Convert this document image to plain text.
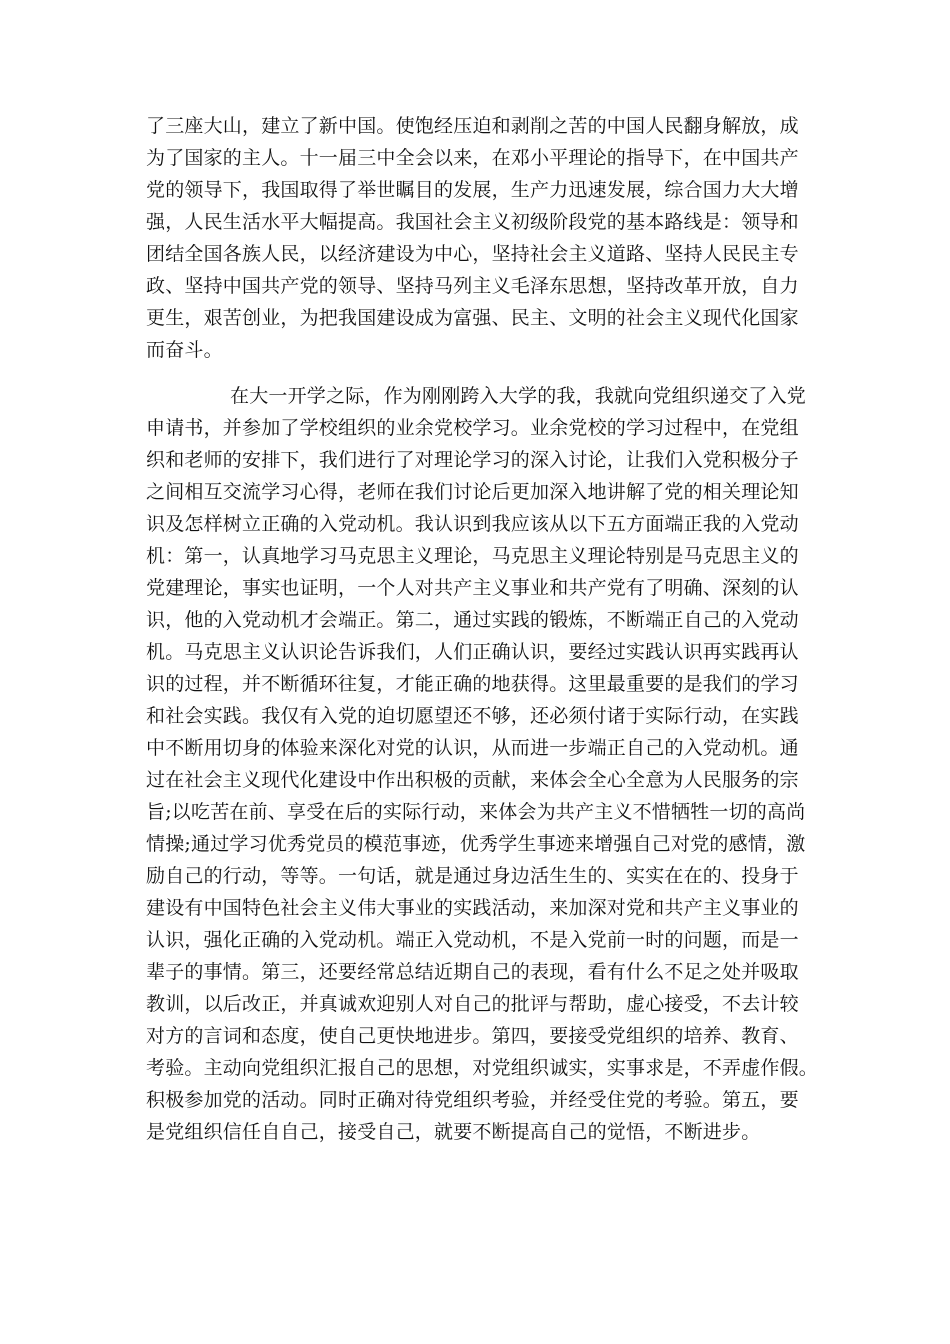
了三座大山，建立了新中国。使饱经压迫和剥削之苦的中国人民翻身解放，成
为了国家的主人。十一届三中全会以来，在邓小平理论的指导下，在中国共产
党的领导下，我国取得了举世瞩目的发展，生产力迅速发展，综合国力大大增
强，人民生活水平大幅提高。我国社会主义初级阶段党的基本路线是：领导和
团结全国各族人民，以经济建设为中心，坚持社会主义道路、坚持人民民主专
政、坚持中国共产党的领导、坚持马列主义毛泽东思想，坚持改革开放，自力
更生，艰苦创业，为把我国建设成为富强、民主、文明的社会主义现代化国家
而奋斗。
在大一开学之际，作为刚刚跨入大学的我，我就向党组织递交了入党
申请书，并参加了学校组织的业余党校学习。业余党校的学习过程中，在党组
织和老师的安排下，我们进行了对理论学习的深入讨论，让我们入党积极分子
之间相互交流学习心得，老师在我们讨论后更加深入地讲解了党的相关理论知
识及怎样树立正确的入党动机。我认识到我应该从以下五方面端正我的入党动
机：第一，认真地学习马克思主义理论，马克思主义理论特别是马克思主义的
党建理论，事实也证明，一个人对共产主义事业和共产党有了明确、深刻的认
识，他的入党动机才会端正。第二，通过实践的锻炼，不断端正自己的入党动
机。马克思主义认识论告诉我们，人们正确认识，要经过实践认识再实践再认
识的过程，并不断循环往复，才能正确的地获得。这里最重要的是我们的学习
和社会实践。我仅有入党的迫切愿望还不够，还必须付诸于实际行动，在实践
中不断用切身的体验来深化对党的认识，从而进一步端正自己的入党动机。通
过在社会主义现代化建设中作出积极的贡献，来体会全心全意为人民服务的宗
旨;以吃苦在前、享受在后的实际行动，来体会为共产主义不惜牺牲一切的高尚
情操;通过学习优秀党员的模范事迹，优秀学生事迹来增强自己对党的感情，激
励自己的行动，等等。一句话，就是通过身边活生生的、实实在在的、投身于
建设有中国特色社会主义伟大事业的实践活动，来加深对党和共产主义事业的
认识，强化正确的入党动机。端正入党动机，不是入党前一时的问题，而是一
辈子的事情。第三，还要经常总结近期自己的表现，看有什么不足之处并吸取
教训，以后改正，并真诚欢迎别人对自己的批评与帮助，虚心接受，不去计较
对方的言词和态度，使自己更快地进步。第四，要接受党组织的培养、教育、
考验。主动向党组织汇报自己的思想，对党组织诚实，实事求是，不弄虚作假。
积极参加党的活动。同时正确对待党组织考验，并经受住党的考验。第五，要
是党组织信任自自己，接受自己，就要不断提高自己的觉悟，不断进步。
